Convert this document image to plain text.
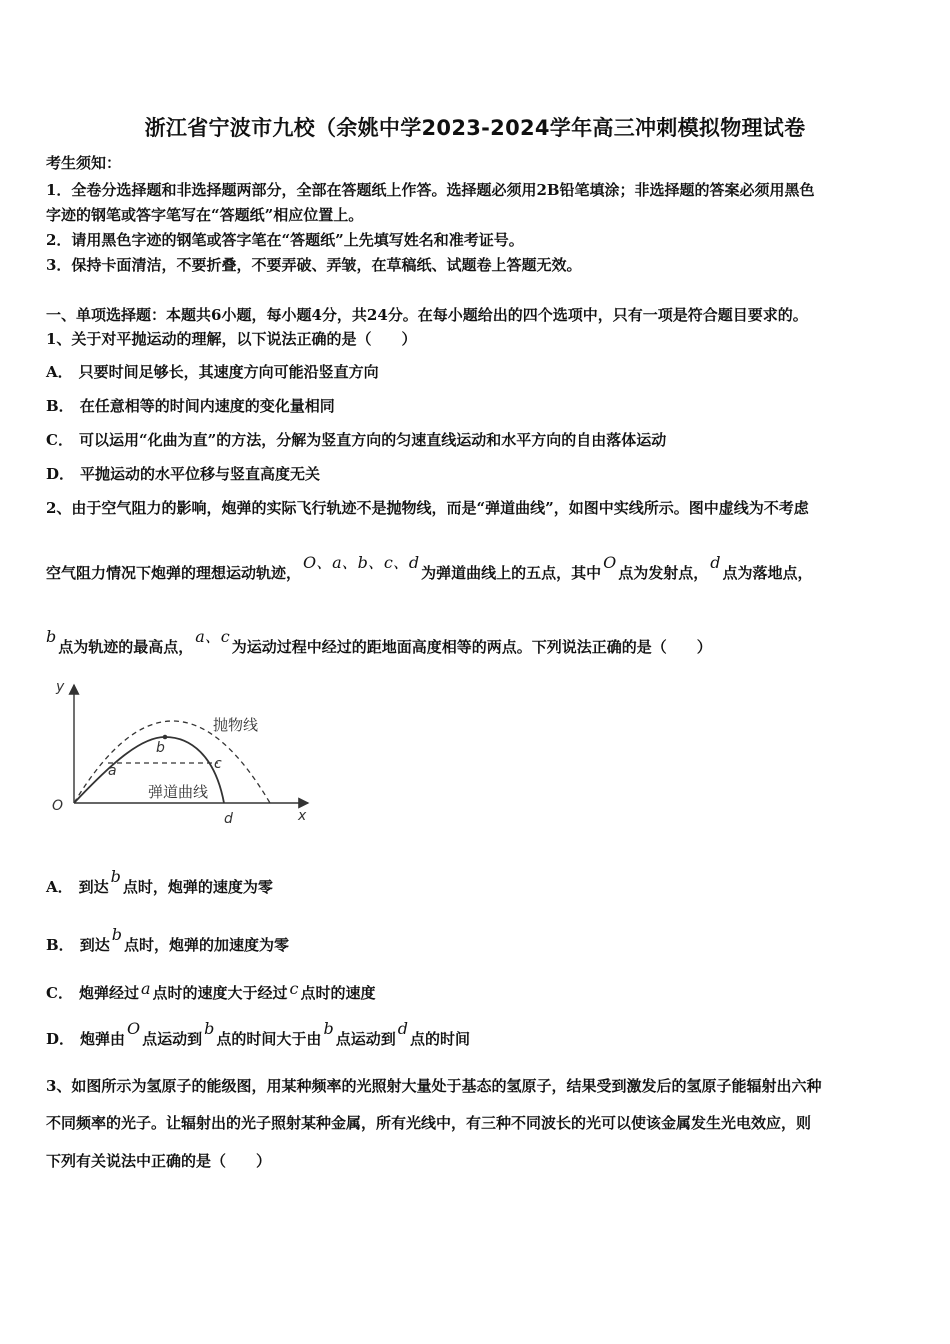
浙江省宁波市九校（余姚中学2023-2024学年高三冲刺模拟物理试卷
考生须知：
1．全卷分选择题和非选择题两部分，全部在答题纸上作答。选择题必须用2B铅笔填涂；非选择题的答案必须用黑色
字迹的钢笔或答字笔写在“答题纸”相应位置上。
2．请用黑色字迹的钢笔或答字笔在“答题纸”上先填写姓名和准考证号。
3．保持卡面清洁，不要折叠，不要弄破、弄皱，在草稿纸、试题卷上答题无效。
一、单项选择题：本题共6小题，每小题4分，共24分。在每小题给出的四个选项中，只有一项是符合题目要求的。
1、关于对平抛运动的理解，以下说法正确的是（　　）
A． 只要时间足够长，其速度方向可能沿竖直方向
B． 在任意相等的时间内速度的变化量相同
C． 可以运用“化曲为直”的方法，分解为竖直方向的匀速直线运动和水平方向的自由落体运动
D． 平抛运动的水平位移与竖直高度无关
2、由于空气阻力的影响，炮弹的实际飞行轨迹不是抛物线，而是“弹道曲线”，如图中实线所示。图中虚线为不考虑
空气阻力情况下炮弹的理想运动轨迹，O、a、b、c、d为弹道曲线上的五点，其中O点为发射点，d点为落地点，
b点为轨迹的最高点，a、c为运动过程中经过的距地面高度相等的两点。下列说法正确的是（　　）
y
x
O
a
b
c
d
抛物线
弹道曲线
A． 到达b点时，炮弹的速度为零
B． 到达b点时，炮弹的加速度为零
C． 炮弹经过 a 点时的速度大于经过 c 点时的速度
D． 炮弹由O点运动到b点的时间大于由b点运动到d点的时间
3、如图所示为氢原子的能级图，用某种频率的光照射大量处于基态的氢原子，结果受到激发后的氢原子能辐射出六种
不同频率的光子。让辐射出的光子照射某种金属，所有光线中，有三种不同波长的光可以使该金属发生光电效应，则
下列有关说法中正确的是（　　）
